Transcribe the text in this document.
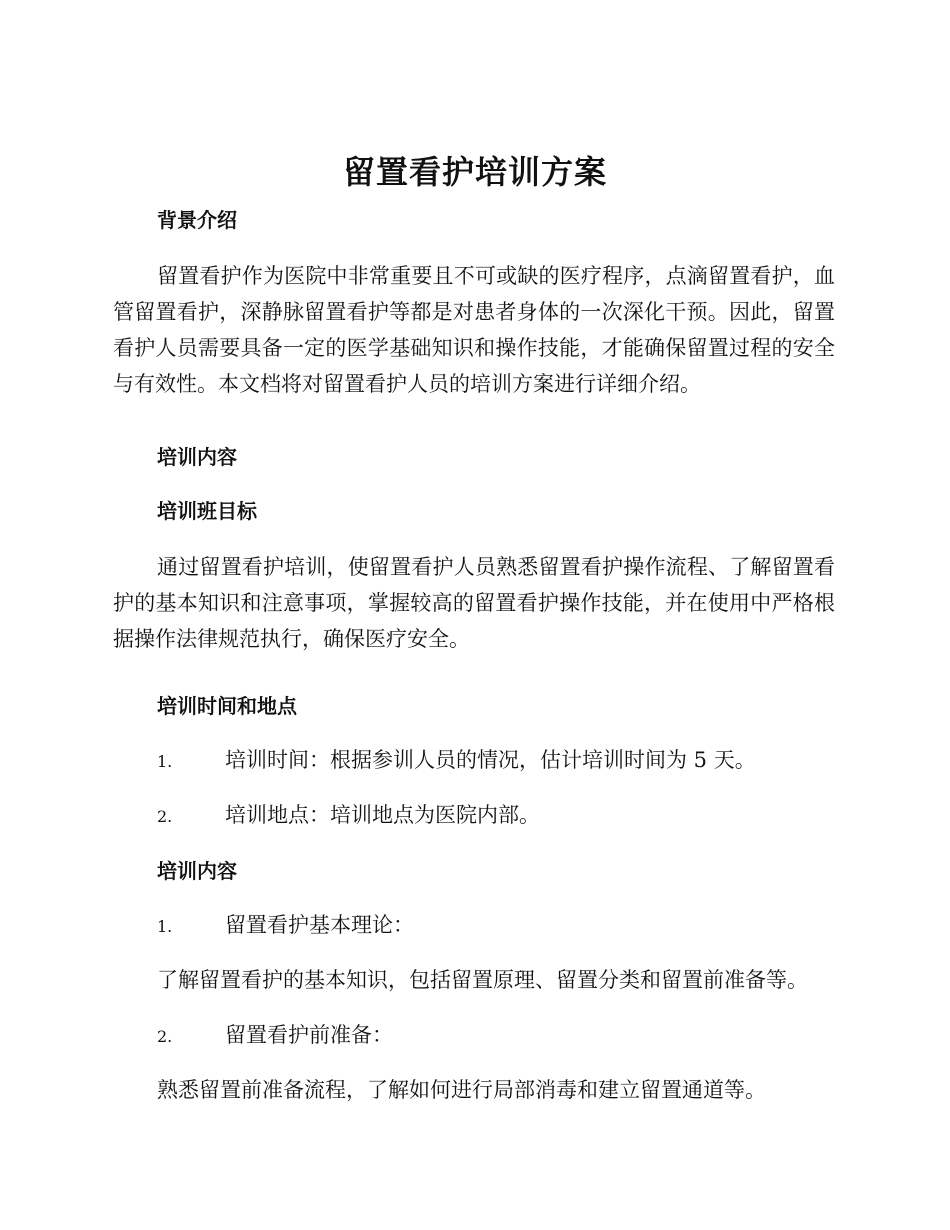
留置看护培训方案
背景介绍
留置看护作为医院中非常重要且不可或缺的医疗程序，点滴留置看护，血管留置看护，深静脉留置看护等都是对患者身体的一次深化干预。因此，留置看护人员需要具备一定的医学基础知识和操作技能，才能确保留置过程的安全与有效性。本文档将对留置看护人员的培训方案进行详细介绍。
培训内容
培训班目标
通过留置看护培训，使留置看护人员熟悉留置看护操作流程、了解留置看护的基本知识和注意事项，掌握较高的留置看护操作技能，并在使用中严格根据操作法律规范执行，确保医疗安全。
培训时间和地点
1.	培训时间：根据参训人员的情况，估计培训时间为 5 天。
2.	培训地点：培训地点为医院内部。
培训内容
1.	留置看护基本理论：
了解留置看护的基本知识，包括留置原理、留置分类和留置前准备等。
2.	留置看护前准备：
熟悉留置前准备流程，了解如何进行局部消毒和建立留置通道等。
